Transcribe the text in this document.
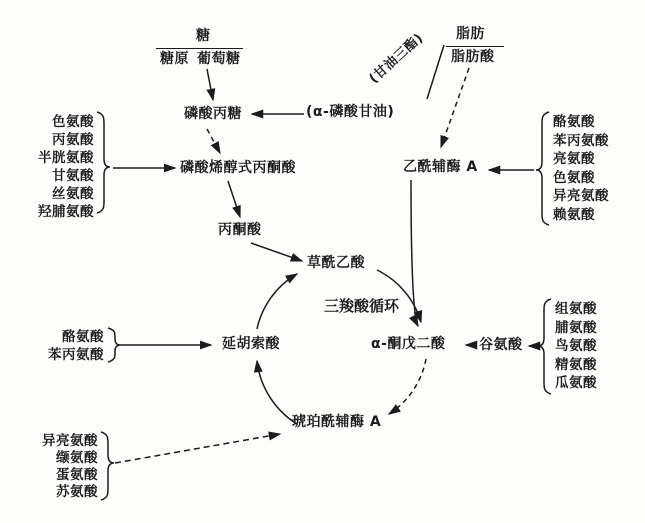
糖
糖原 葡萄糖
脂肪
脂肪酸
(甘油三酯)
磷酸丙糖	(α-磷酸甘油)
磷酸烯醇式丙酮酸	乙酰辅酶 A
丙酮酸
草酰乙酸
三羧酸循环
延胡索酸	α-酮戊二酸 谷氨酸
琥珀酰辅酶 A
色氨酸
丙氨酸
半胱氨酸
甘氨酸
丝氨酸
羟脯氨酸
酪氨酸
苯丙氨酸
亮氨酸
色氨酸
异亮氨酸
赖氨酸
组氨酸
脯氨酸
鸟氨酸
精氨酸
瓜氨酸
酪氨酸
苯丙氨酸
异亮氨酸
缬氨酸
蛋氨酸
苏氨酸
